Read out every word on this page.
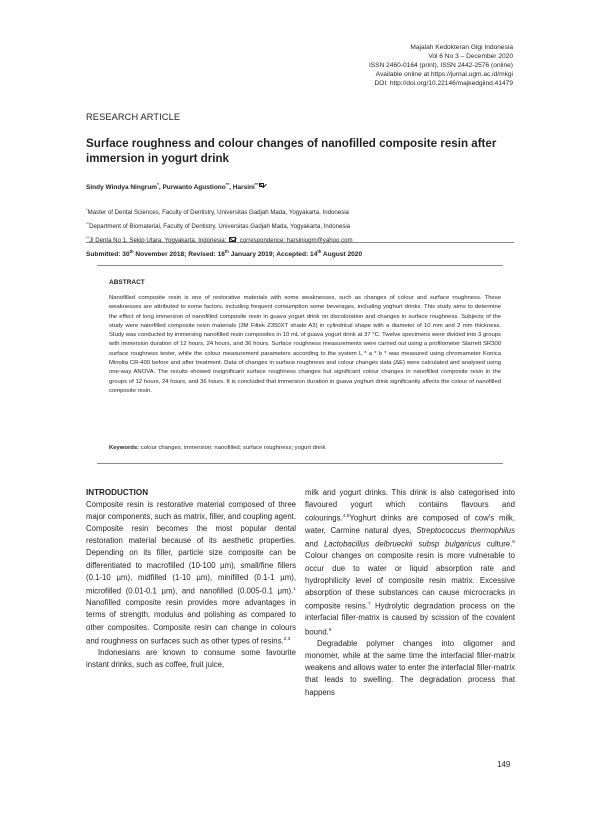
Majalah Kedokteran Gigi Indonesia
Vol 6 No 3 – December 2020
ISSN 2460-0164 (print), ISSN 2442-2576 (online)
Available online at https://jurnal.ugm.ac.id/mkgi
DOI: http://doi.org/10.22146/majkedgiind.41479
RESEARCH ARTICLE
Surface roughness and colour changes of nanofilled composite resin after immersion in yogurt drink
Sindy Windya Ningrum*, Purwanto Agustiono**, Harsini**
*Master of Dental Sciences, Faculty of Dentistry, Universitas Gadjah Mada, Yogyakarta, Indonesia
**Department of Biomaterial, Faculty of Dentistry, Universitas Gadjah Mada, Yogyakarta, Indonesia
**Jl Denta No 1, Sekip Utara, Yogyakarta, Indonesia; correspondence: harsiniugm@yahoo.com
Submitted: 30th November 2018; Revised: 16th January 2019; Accepted: 14th August 2020
ABSTRACT
Nanofilled composite resin is one of restorative materials with some weaknesses, such as changes of colour and surface roughness. These weaknesses are attributed to some factors, including frequent consumption some beverages, including yoghurt drinks. This study aims to determine the effect of long immersion of nanofilled composite resin in guava yogurt drink on discoloration and changes in surface roughness. Subjects of the study were nanofilled composite resin materials (3M Filtek Z350XT shade A3) in cylindrical shape with a diameter of 10 mm and 2 mm thickness. Study was conducted by immersing nanofilled resin composites in 10 mL of guava yogurt drink at 37 °C. Twelve specimens were divided into 3 groups with immersion duration of 12 hours, 24 hours, and 36 hours. Surface roughness measurements were carried out using a profilometer Starrett SR300 surface roughness tester, while the colour measurement parameters according to the system L * a * b * was measured using chromameter Konica Minolta CR-400 before and after treatment. Data of changes in surface roughness and colour changes data (ΔE) were calculated and analysed using one-way ANOVA. The results showed insignificant surface roughness changes but significant colour changes in nanofilled composite resin in the groups of 12 hours, 24 hours, and 36 hours. It is concluded that immersion duration in guava yoghurt drink significantly affects the colour of nanofilled composite resin.
Keywords: colour changes; immersion; nanofilled; surface roughness; yogurt drink

INTRODUCTION

Composite resin is restorative material composed of three major components, such as matrix, filler, and coupling agent. Composite resin becomes the most popular dental restoration material because of its aesthetic properties. Depending on its filler, particle size composite can be differentiated to macrofilled (10-100 µm), small/fine fillers (0.1-10 µm), midfilled (1-10 µm), minifilled (0.1-1 µm), microfilled (0.01-0.1 µm), and nanofilled (0.005-0.1 µm).$^1$ Nanofilled composite resin provides more advantages in terms of strength, modulus and polishing as compared to other composites. Composite resin can change in colours and roughness on surfaces such as other types of resins.$^{2,3}$

Indonesians are known to consume some favourite instant drinks, such as coffee, fruit juice,

milk and yogurt drinks. This drink is also categorised into flavoured yogurt which contains flavours and colourings.$^{4,5}$Yoghurt drinks are composed of cow's milk, water, Carmine natural dyes, Streptococcus thermophilus and Lactobacillus delbrueckii subsp bulgaricus culture.$^6$ Colour changes on composite resin is more vulnerable to occur due to water or liquid absorption rate and hydrophilicity level of composite resin matrix. Excessive absorption of these substances can cause microcracks in composite resins.$^7$ Hydrolytic degradation process on the interfacial filler-matrix is caused by scission of the covalent bound.$^8$

Degradable polymer changes into oligomer and monomer, while at the same time the interfacial filler-matrix weakens and allows water to enter the interfacial filler-matrix that leads to swelling. The degradation process that happens

149
